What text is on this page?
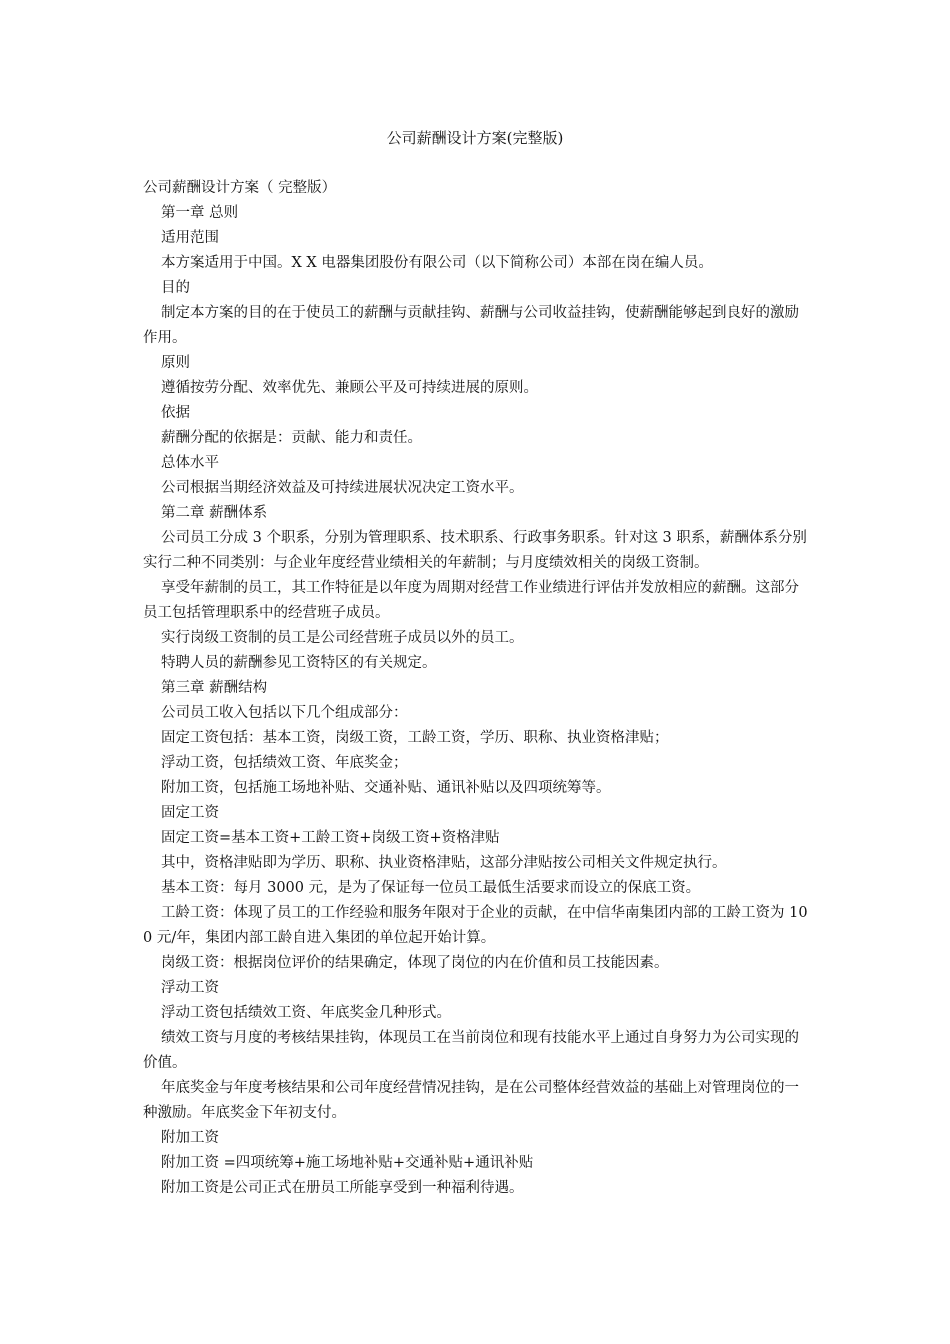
公司薪酬设计方案(完整版)

公司薪酬设计方案（ 完整版）

第一章 总则

适用范围

本方案适用于中国。X X 电器集团股份有限公司（以下简称公司）本部在岗在编人员。

目的

制定本方案的目的在于使员工的薪酬与贡献挂钩、薪酬与公司收益挂钩，使薪酬能够起到良好的激励作用。

原则

遵循按劳分配、效率优先、兼顾公平及可持续进展的原则。

依据

薪酬分配的依据是：贡献、能力和责任。

总体水平

公司根据当期经济效益及可持续进展状况决定工资水平。

第二章 薪酬体系

公司员工分成 3 个职系，分别为管理职系、技术职系、行政事务职系。针对这 3 职系，薪酬体系分别实行二种不同类别：与企业年度经营业绩相关的年薪制；与月度绩效相关的岗级工资制。

享受年薪制的员工，其工作特征是以年度为周期对经营工作业绩进行评估并发放相应的薪酬。这部分员工包括管理职系中的经营班子成员。

实行岗级工资制的员工是公司经营班子成员以外的员工。

特聘人员的薪酬参见工资特区的有关规定。

第三章 薪酬结构

公司员工收入包括以下几个组成部分：

固定工资包括：基本工资，岗级工资，工龄工资，学历、职称、执业资格津贴；

浮动工资，包括绩效工资、年底奖金；

附加工资，包括施工场地补贴、交通补贴、通讯补贴以及四项统筹等。

固定工资

固定工资=基本工资+工龄工资+岗级工资+资格津贴

其中，资格津贴即为学历、职称、执业资格津贴，这部分津贴按公司相关文件规定执行。

基本工资：每月 3000 元，是为了保证每一位员工最低生活要求而设立的保底工资。

工龄工资：体现了员工的工作经验和服务年限对于企业的贡献，在中信华南集团内部的工龄工资为 100 元/年，集团内部工龄自进入集团的单位起开始计算。

岗级工资：根据岗位评价的结果确定，体现了岗位的内在价值和员工技能因素。

浮动工资

浮动工资包括绩效工资、年底奖金几种形式。

绩效工资与月度的考核结果挂钩，体现员工在当前岗位和现有技能水平上通过自身努力为公司实现的价值。

年底奖金与年度考核结果和公司年度经营情况挂钩，是在公司整体经营效益的基础上对管理岗位的一种激励。年底奖金下年初支付。

附加工资

附加工资 =四项统筹+施工场地补贴+交通补贴+通讯补贴

附加工资是公司正式在册员工所能享受到一种福利待遇。
